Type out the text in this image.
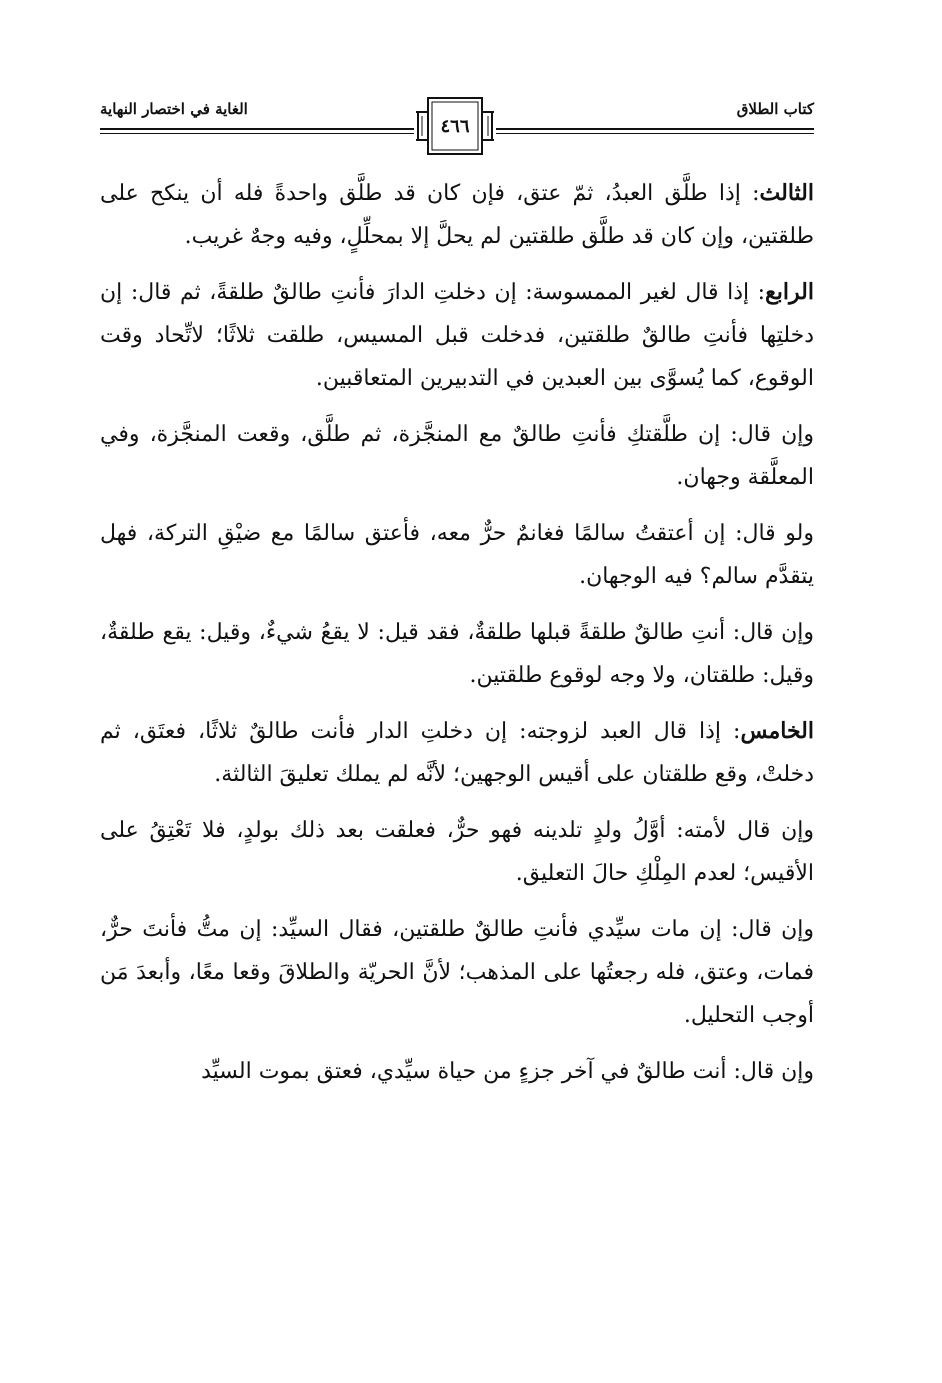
كتاب الطلاق
الغاية في اختصار النهاية
٤٦٦

الثالث: إذا طلَّق العبدُ، ثمّ عتق، فإن كان قد طلَّق واحدةً فله أن ينكح على طلقتين، وإن كان قد طلَّق طلقتين لم يحلَّ إلا بمحلِّلٍ، وفيه وجهٌ غريب.

الرابع: إذا قال لغير الممسوسة: إن دخلتِ الدارَ فأنتِ طالقٌ طلقةً، ثم قال: إن دخلتِها فأنتِ طالقٌ طلقتين، فدخلت قبل المسيس، طلقت ثلاثًا؛ لاتِّحاد وقت الوقوع، كما يُسوَّى بين العبدين في التدبيرين المتعاقبين.

وإن قال: إن طلَّقتكِ فأنتِ طالقٌ مع المنجَّزة، ثم طلَّق، وقعت المنجَّزة، وفي المعلَّقة وجهان.

ولو قال: إن أعتقتُ سالمًا فغانمٌ حرٌّ معه، فأعتق سالمًا مع ضيْقِ التركة، فهل يتقدَّم سالم؟ فيه الوجهان.

وإن قال: أنتِ طالقٌ طلقةً قبلها طلقةٌ، فقد قيل: لا يقعُ شيءٌ، وقيل: يقع طلقةٌ، وقيل: طلقتان، ولا وجه لوقوع طلقتين.

الخامس: إذا قال العبد لزوجته: إن دخلتِ الدار فأنت طالقٌ ثلاثًا، فعتَق، ثم دخلتْ، وقع طلقتان على أقيس الوجهين؛ لأنَّه لم يملك تعليقَ الثالثة.

وإن قال لأمته: أوَّلُ ولدٍ تلدينه فهو حرٌّ، فعلقت بعد ذلك بولدٍ، فلا تَعْتِقُ على الأقيس؛ لعدم المِلْكِ حالَ التعليق.

وإن قال: إن مات سيِّدي فأنتِ طالقٌ طلقتين، فقال السيِّد: إن متُّ فأنتَ حرٌّ، فمات، وعتق، فله رجعتُها على المذهب؛ لأنَّ الحريّة والطلاقَ وقعا معًا، وأبعدَ مَن أوجب التحليل.

وإن قال: أنت طالقٌ في آخر جزءٍ من حياة سيِّدي، فعتق بموت السيِّد
